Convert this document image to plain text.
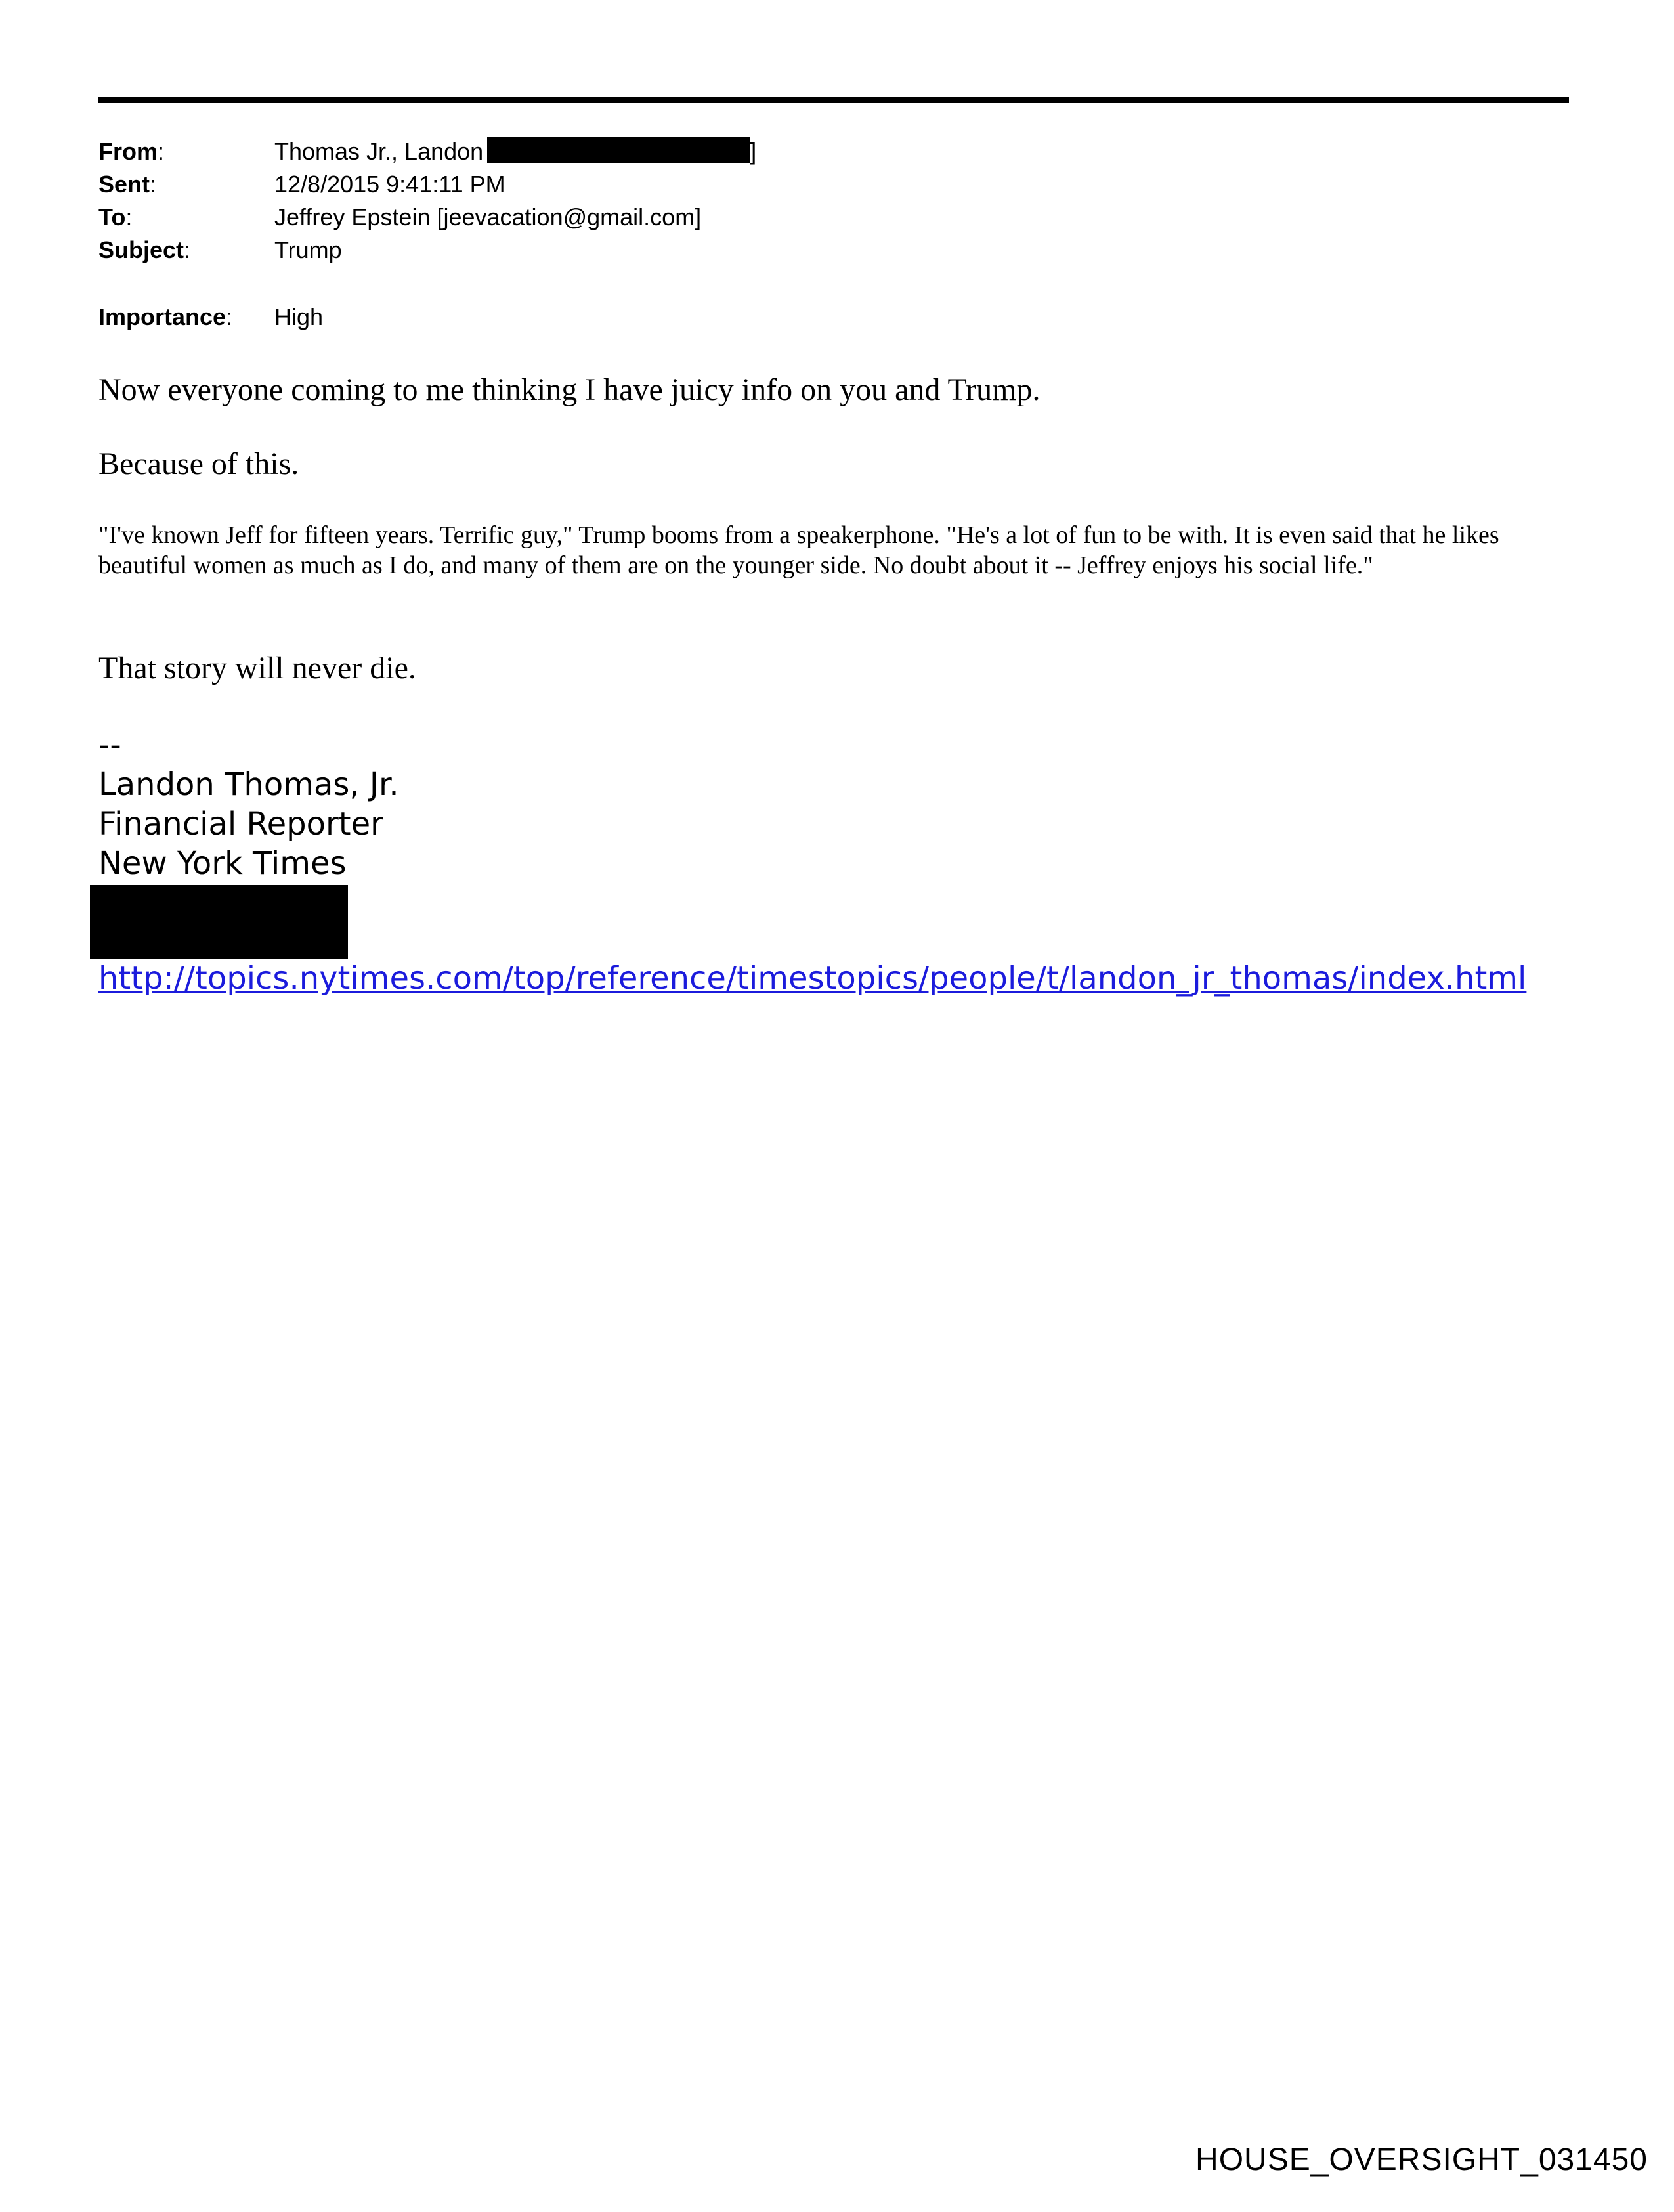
From:	Thomas Jr., Landon	]
Sent:	12/8/2015 9:41:11 PM
To:	Jeffrey Epstein [jeevacation@gmail.com]
Subject:	Trump
Importance:	High
Now everyone coming to me thinking I have juicy info on you and Trump.
Because of this.
"I've known Jeff for fifteen years. Terrific guy," Trump booms from a speakerphone. "He's a lot of fun to be with. It is even said that he likes beautiful women as much as I do, and many of them are on the younger side. No doubt about it -- Jeffrey enjoys his social life."
That story will never die.
--
Landon Thomas, Jr.
Financial Reporter
New York Times
http://topics.nytimes.com/top/reference/timestopics/people/t/landon_jr_thomas/index.html
HOUSE_OVERSIGHT_031450
